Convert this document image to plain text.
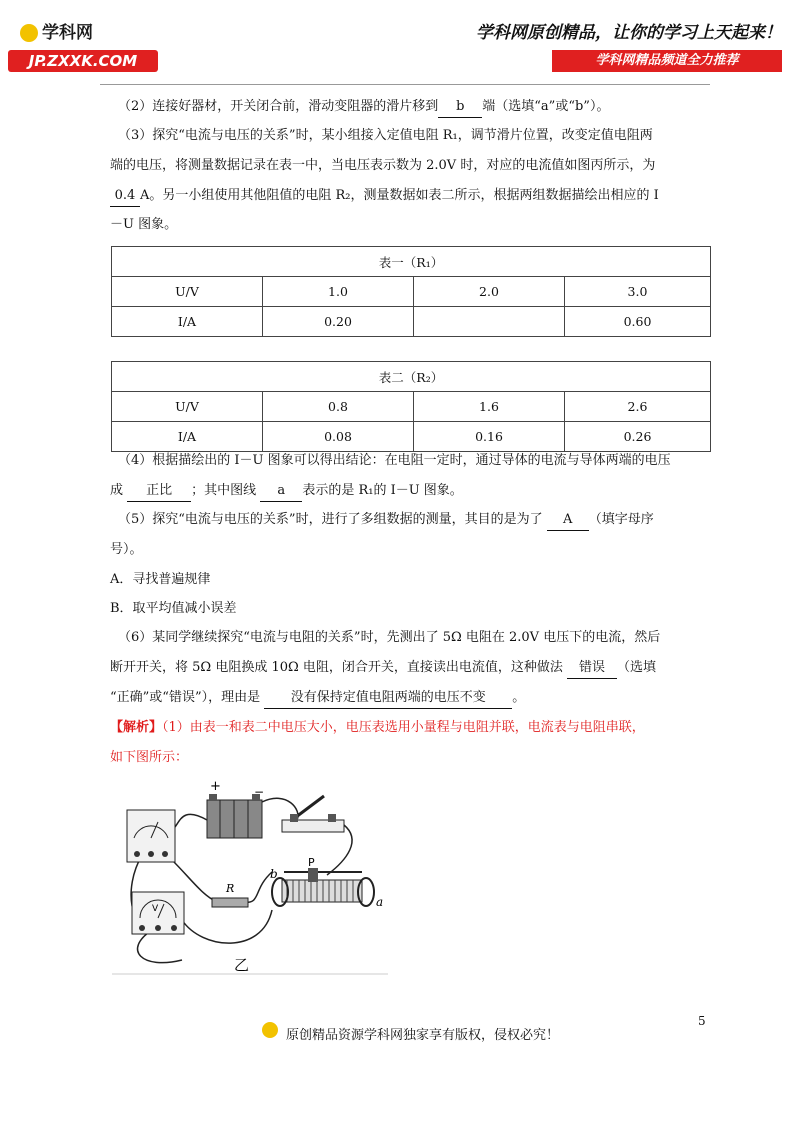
学科网
JP.ZXXK.COM
学科网原创精品，让你的学习上天起来！
学科网精品频道全力推荐
（2）连接好器材，开关闭合前，滑动变阻器的滑片移到 b 端（选填“a”或“b”）。
（3）探究“电流与电压的关系”时，某小组接入定值电阻 R₁，调节滑片位置，改变定值电阻两
端的电压，将测量数据记录在表一中，当电压表示数为 2.0V 时，对应的电流值如图丙所示，为
0.4 A。另一小组使用其他阻值的电阻 R₂，测量数据如表二所示，根据两组数据描绘出相应的 I
－U 图象。
表一（R₁）			
U/V	1.0	2.0	3.0
I/A	0.20		0.60
表二（R₂）			
U/V	0.8	1.6	2.6
I/A	0.08	0.16	0.26
（4）根据描绘出的 I－U 图象可以得出结论：在电阻一定时，通过导体的电流与导体两端的电压
成 正比 ；其中图线 a 表示的是 R₁的 I－U 图象。
（5）探究“电流与电压的关系”时，进行了多组数据的测量，其目的是为了 A （填字母序
号）。
A．寻找普遍规律
B．取平均值减小误差
（6）某同学继续探究“电流与电阻的关系”时，先测出了 5Ω 电阻在 2.0V 电压下的电流，然后
断开开关，将 5Ω 电阻换成 10Ω 电阻，闭合开关，直接读出电流值，这种做法 错误 （选填
“正确”或“错误”），理由是 没有保持定值电阻两端的电压不变 。
【解析】（1）由表一和表二中电压大小，电压表选用小量程与电阻并联，电流表与电阻串联，
如下图所示：
+	−
V
R
P
b
a
乙
5
原创精品资源学科网独家享有版权，侵权必究！
